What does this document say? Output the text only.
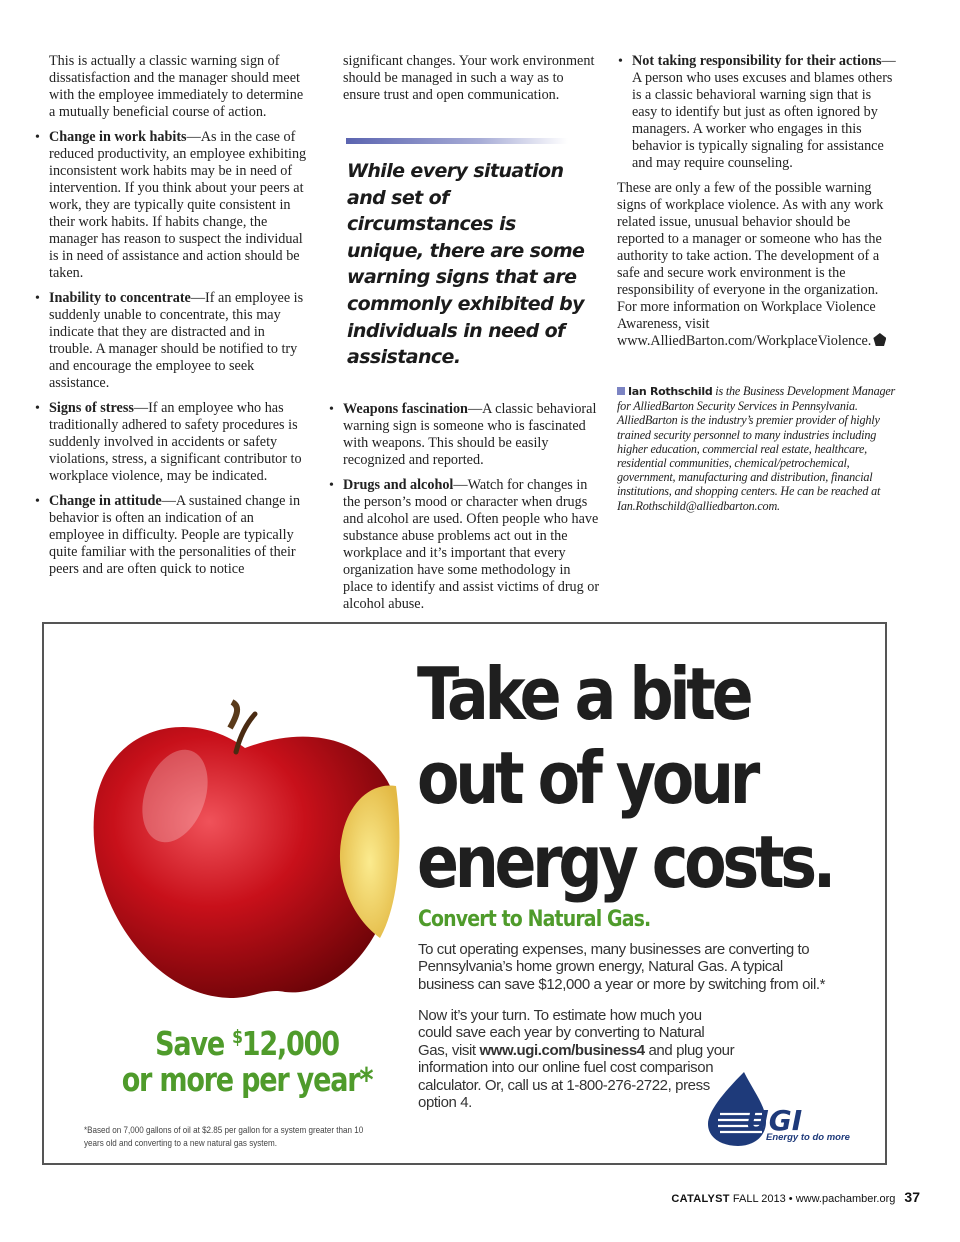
This is actually a classic warning sign of dissatisfaction and the manager should meet with the employee immediately to determine a mutually beneficial course of action.

• Change in work habits—As in the case of reduced productivity, an employee exhibiting inconsistent work habits may be in need of intervention. If you think about your peers at work, they are typically quite consistent in their work habits. If habits change, the manager has reason to suspect the individual is in need of assistance and action should be taken.
• Inability to concentrate—If an employee is suddenly unable to concentrate, this may indicate that they are distracted and in trouble. A manager should be notified to try and encourage the employee to seek assistance.
• Signs of stress—If an employee who has traditionally adhered to safety procedures is suddenly involved in accidents or safety violations, stress, a significant contributor to workplace violence, may be indicated.
• Change in attitude—A sustained change in behavior is often an indication of an employee in difficulty. People are typically quite familiar with the personalities of their peers and are often quick to notice

significant changes. Your work environment should be managed in such a way as to ensure trust and open communication.

While every situation and set of circumstances is unique, there are some warning signs that are commonly exhibited by individuals in need of assistance.
• Weapons fascination—A classic behavioral warning sign is someone who is fascinated with weapons. This should be easily recognized and reported.
• Drugs and alcohol—Watch for changes in the person’s mood or character when drugs and alcohol are used. Often people who have substance abuse problems act out in the workplace and it’s important that every organization have some methodology in place to identify and assist victims of drug or alcohol abuse.
• Not taking responsibility for their actions—A person who uses excuses and blames others is a classic behavioral warning sign that is easy to identify but just as often ignored by managers. A worker who engages in this behavior is typically signaling for assistance and may require counseling.

These are only a few of the possible warning signs of workplace violence. As with any work related issue, unusual behavior should be reported to a manager or someone who has the authority to take action. The development of a safe and secure work environment is the responsibility of everyone in the organization. For more information on Workplace Violence Awareness, visit www.AlliedBarton.com/WorkplaceViolence.

Ian Rothschild is the Business Development Manager for AlliedBarton Security Services in Pennsylvania. AlliedBarton is the industry’s premier provider of highly trained security personnel to many industries including higher education, commercial real estate, healthcare, residential communities, chemical/petrochemical, government, manufacturing and distribution, financial institutions, and shopping centers. He can be reached at Ian.Rothschild@alliedbarton.com.

Take a bite
out of your
energy costs.
Convert to Natural Gas.
To cut operating expenses, many businesses are converting to Pennsylvania’s home grown energy, Natural Gas. A typical business can save $12,000 a year or more by switching from oil.*
Now it’s your turn. To estimate how much you could save each year by converting to Natural Gas, visit www.ugi.com/business4 and plug your information into our online fuel cost comparison calculator. Or, call us at 1-800-276-2722, press option 4.
Save $12,000
or more per year*
*Based on 7,000 gallons of oil at $2.85 per gallon for a system greater than 10 years old and converting to a new natural gas system.
UGI
Energy to do more
CATALYST FALL 2013 • www.pachamber.org 37
